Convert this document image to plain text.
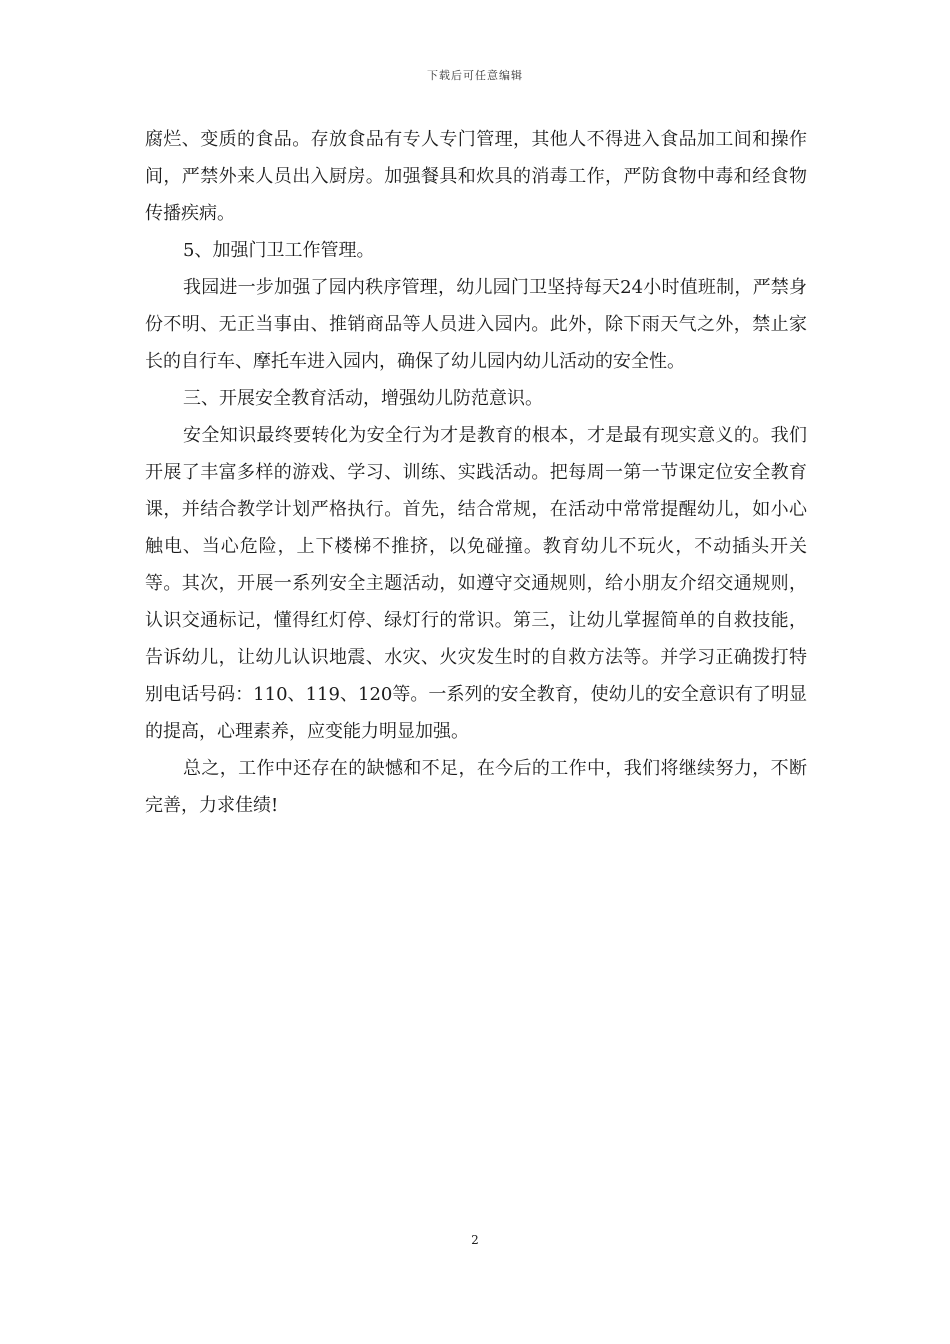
下载后可任意编辑

腐烂、变质的食品。存放食品有专人专门管理，其他人不得进入食品加工间和操作间，严禁外来人员出入厨房。加强餐具和炊具的消毒工作，严防食物中毒和经食物传播疾病。

5、加强门卫工作管理。

我园进一步加强了园内秩序管理，幼儿园门卫坚持每天24小时值班制，严禁身份不明、无正当事由、推销商品等人员进入园内。此外，除下雨天气之外，禁止家长的自行车、摩托车进入园内，确保了幼儿园内幼儿活动的安全性。

三、开展安全教育活动，增强幼儿防范意识。

安全知识最终要转化为安全行为才是教育的根本，才是最有现实意义的。我们开展了丰富多样的游戏、学习、训练、实践活动。把每周一第一节课定位安全教育课，并结合教学计划严格执行。首先，结合常规，在活动中常常提醒幼儿，如小心触电、当心危险，上下楼梯不推挤，以免碰撞。教育幼儿不玩火，不动插头开关等。其次，开展一系列安全主题活动，如遵守交通规则，给小朋友介绍交通规则，认识交通标记，懂得红灯停、绿灯行的常识。第三，让幼儿掌握简单的自救技能，告诉幼儿，让幼儿认识地震、水灾、火灾发生时的自救方法等。并学习正确拨打特别电话号码：110、119、120等。一系列的安全教育，使幼儿的安全意识有了明显的提高，心理素养，应变能力明显加强。

总之，工作中还存在的缺憾和不足，在今后的工作中，我们将继续努力，不断完善，力求佳绩!

2
